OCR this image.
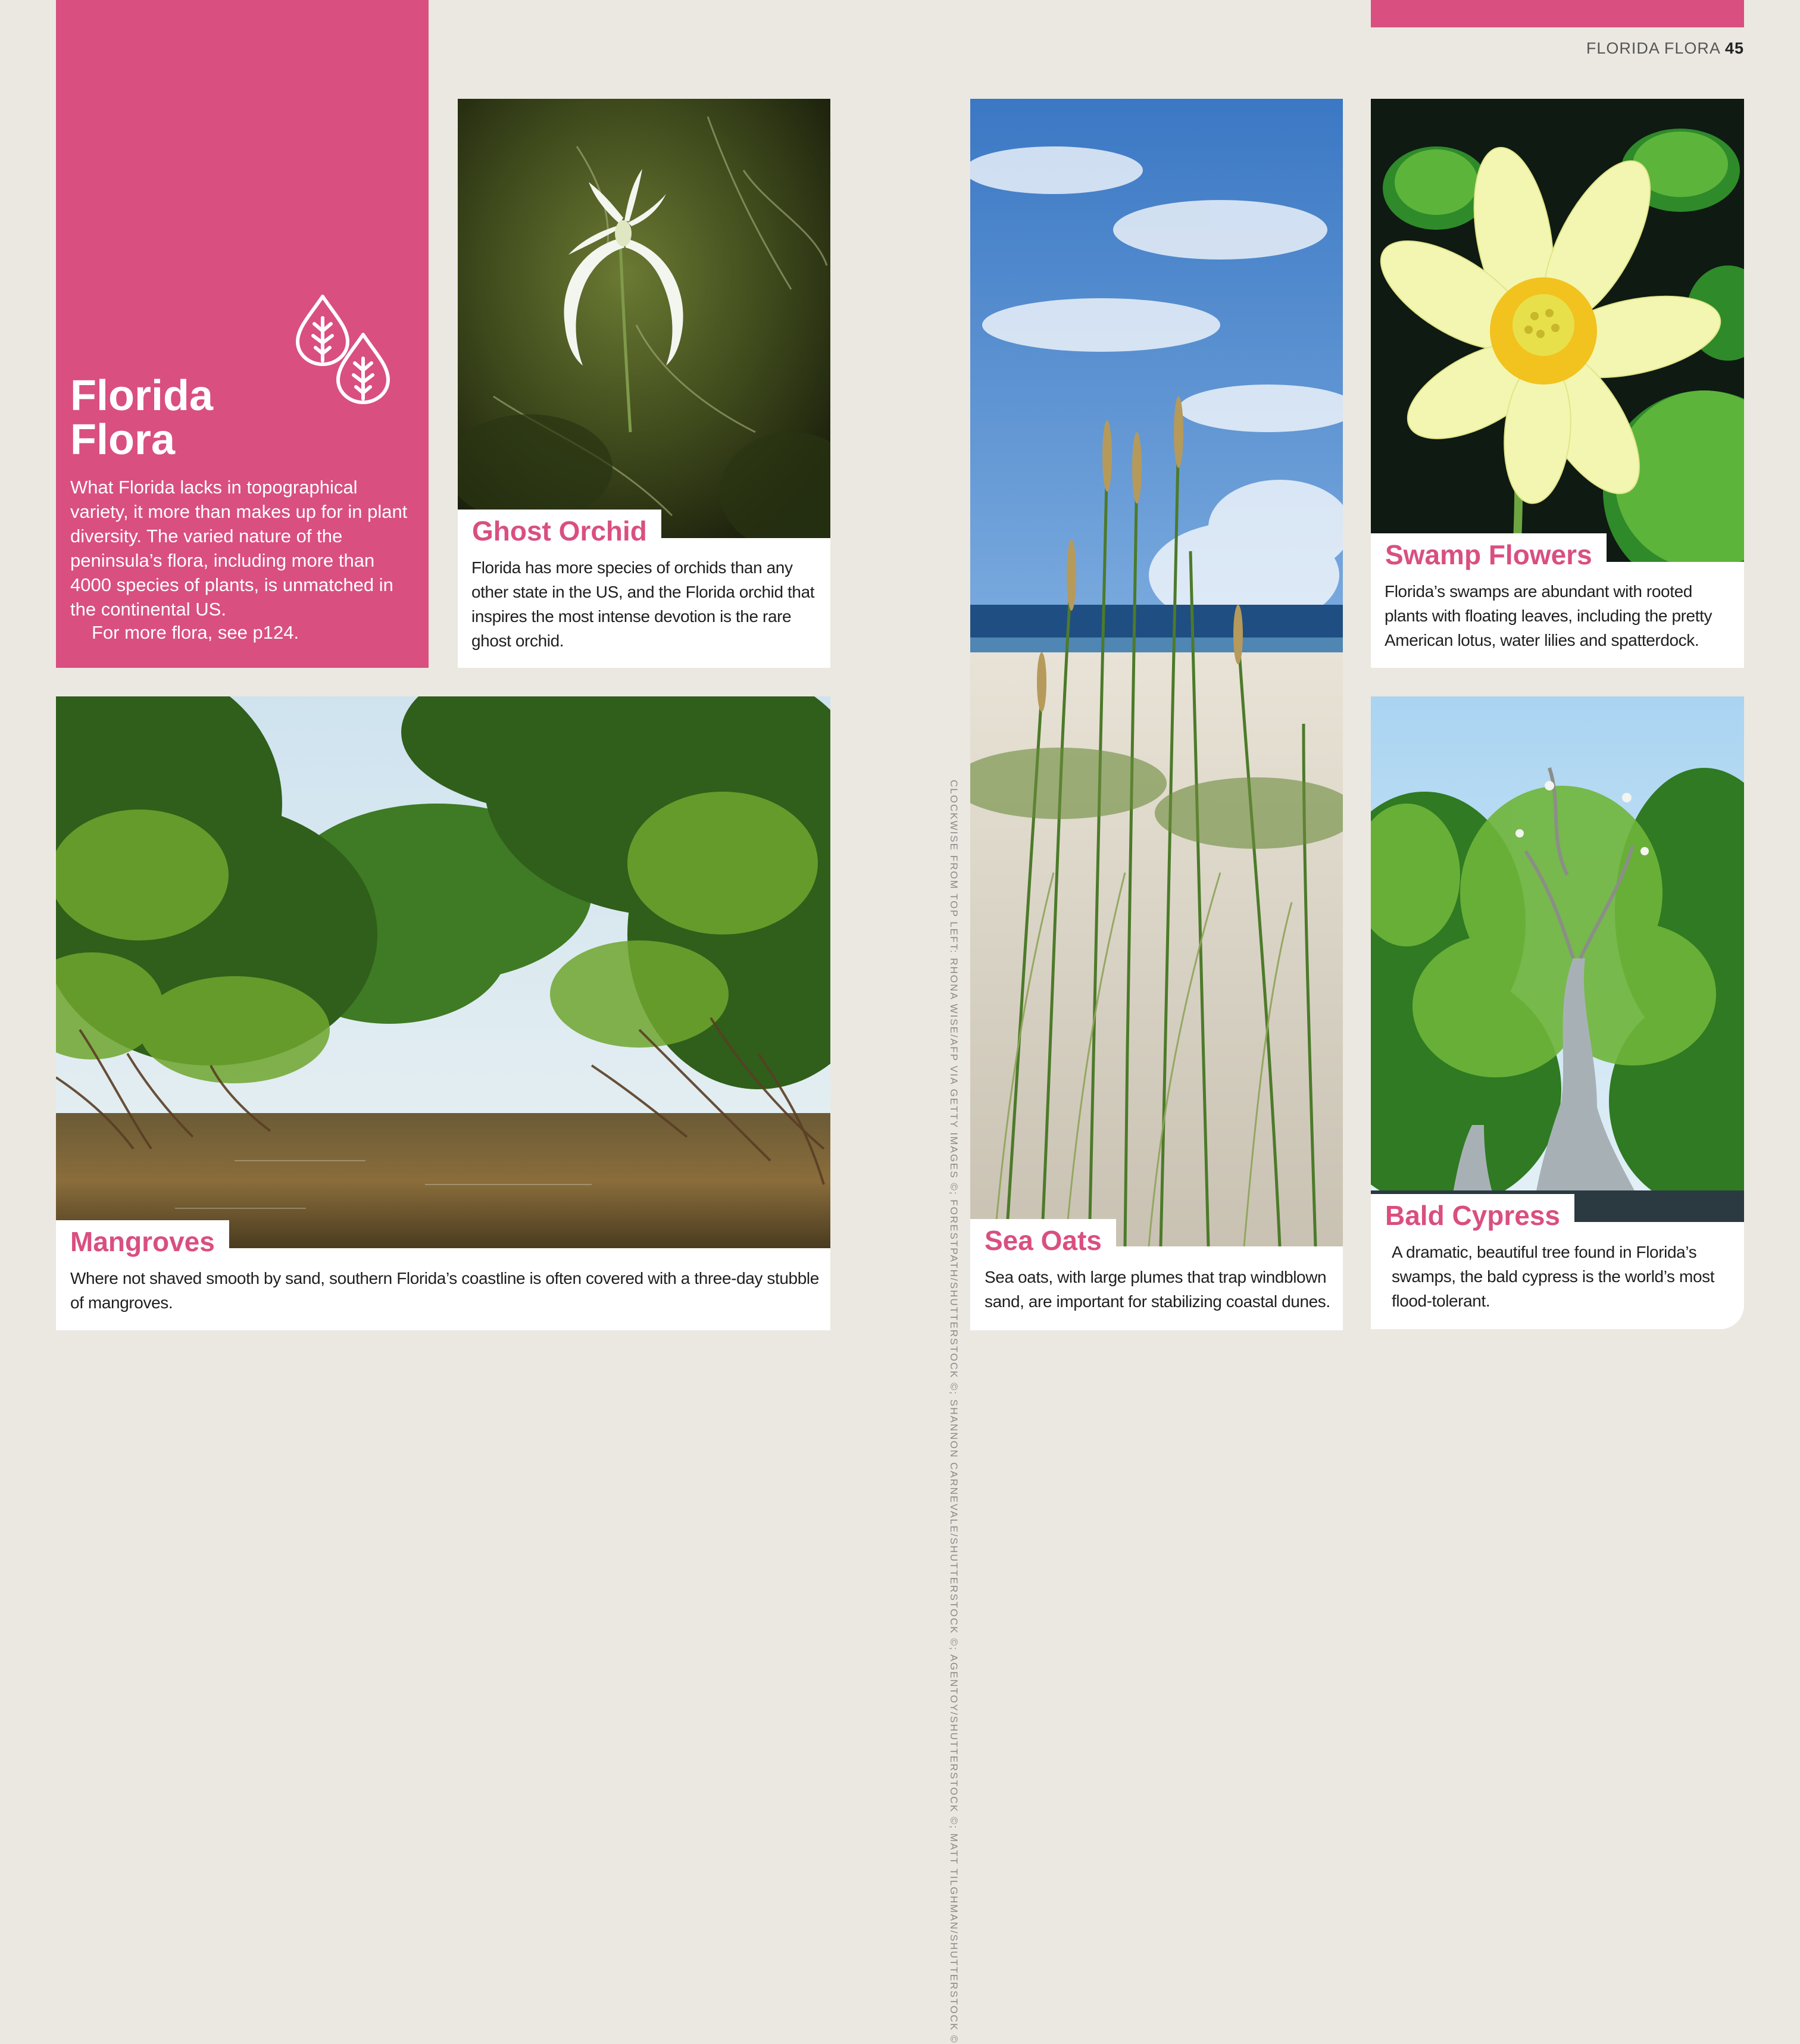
FLORIDA FLORA 45
Florida
Flora
What Florida lacks in topographical variety, it more than makes up for in plant diversity. The varied nature of the peninsula’s flora, including more than 4000 species of plants, is unmatched in the continental US.
For more flora, see p124.
Ghost Orchid
Florida has more species of orchids than any other state in the US, and the Florida orchid that inspires the most intense devotion is the rare ghost orchid.
Mangroves
Where not shaved smooth by sand, southern Florida’s coastline is often covered with a three-day stubble of mangroves.
Sea Oats
Sea oats, with large plumes that trap windblown sand, are important for stabilizing coastal dunes.
CLOCKWISE FROM TOP LEFT: RHONA WISE/AFP VIA GETTY IMAGES ©; FORESTPATH/SHUTTERSTOCK ©; SHANNON CARNEVALE/SHUTTERSTOCK ©; AGENTOY/SHUTTERSTOCK ©; MATT TILGHMAN/SHUTTERSTOCK ©
Swamp Flowers
Florida’s swamps are abundant with rooted plants with floating leaves, including the pretty American lotus, water lilies and spatterdock.
Bald Cypress
A dramatic, beautiful tree found in Florida’s swamps, the bald cypress is the world’s most flood-tolerant.
